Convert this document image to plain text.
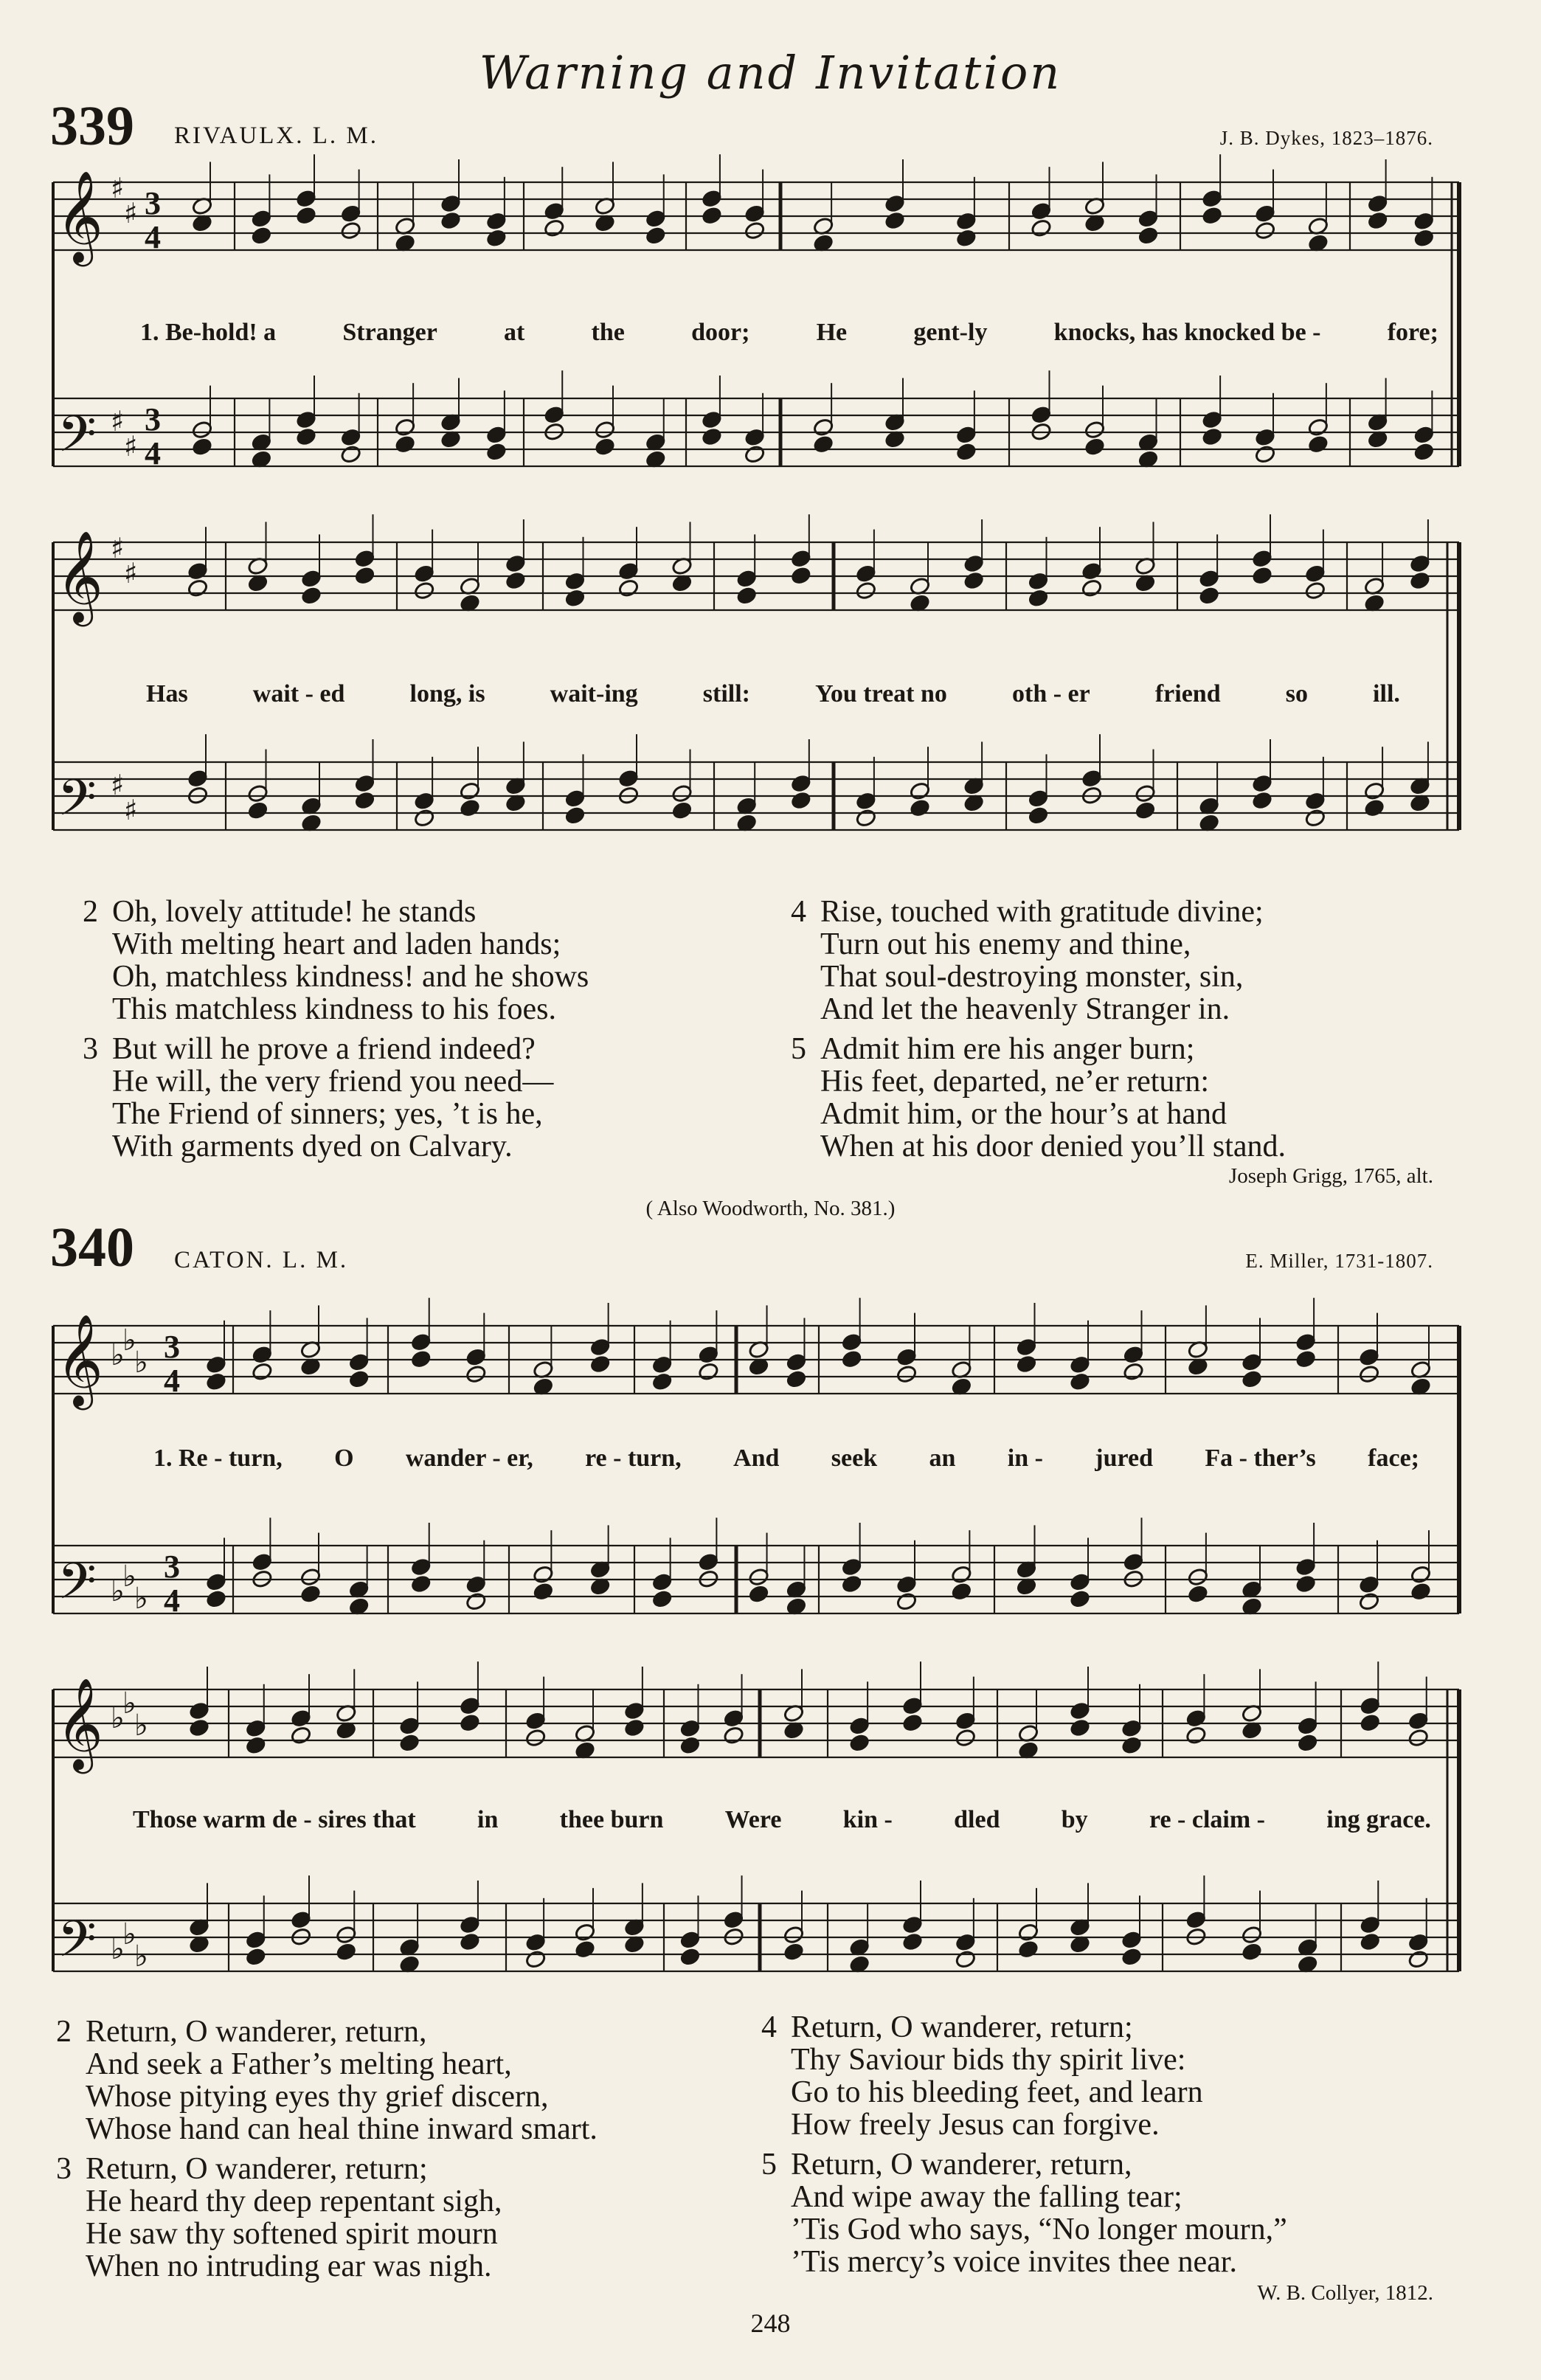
Warning and Invitation
339 RIVAULX. L. M.	J. B. Dykes, 1823–1876.
𝄞
𝄢
𝄞
𝄢
𝄞
𝄢
𝄞
𝄢
♯
♯
♯
♯
♯
♯
♯
♯
♭
♭
♭
♭
♭
♭
♭
♭
♭
♭
♭
♭
3
4
3
4
3
4
3
4
1. Be-hold! a	Stranger	at	the	door;	He	gent-ly	knocks, has knocked be -	fore;
Has	wait - ed	long, is	wait-ing	still:	You treat no	oth - er	friend	so	ill.
2 Oh, lovely attitude! he stands
With melting heart and laden hands;
Oh, matchless kindness! and he shows
This matchless kindness to his foes.
3 But will he prove a friend indeed?
He will, the very friend you need—
The Friend of sinners; yes, ’t is he,
With garments dyed on Calvary.
4 Rise, touched with gratitude divine;
Turn out his enemy and thine,
That soul-destroying monster, sin,
And let the heavenly Stranger in.
5 Admit him ere his anger burn;
His feet, departed, ne’er return:
Admit him, or the hour’s at hand
When at his door denied you’ll stand.
Joseph Grigg, 1765, alt.
( Also Woodworth, No. 381.)
340 CATON. L. M.	E. Miller, 1731-1807.
1. Re - turn, O wander - er, re - turn, And seek an in - jured Fa - ther’s face;
Those warm de - sires that in thee burn Were kin - dled by re - claim - ing grace.
2 Return, O wanderer, return,
And seek a Father’s melting heart,
Whose pitying eyes thy grief discern,
Whose hand can heal thine inward smart.
3 Return, O wanderer, return;
He heard thy deep repentant sigh,
He saw thy softened spirit mourn
When no intruding ear was nigh.
4 Return, O wanderer, return;
Thy Saviour bids thy spirit live:
Go to his bleeding feet, and learn
How freely Jesus can forgive.
5 Return, O wanderer, return,
And wipe away the falling tear;
’Tis God who says, “No longer mourn,”
’Tis mercy’s voice invites thee near.
W. B. Collyer, 1812.
248
